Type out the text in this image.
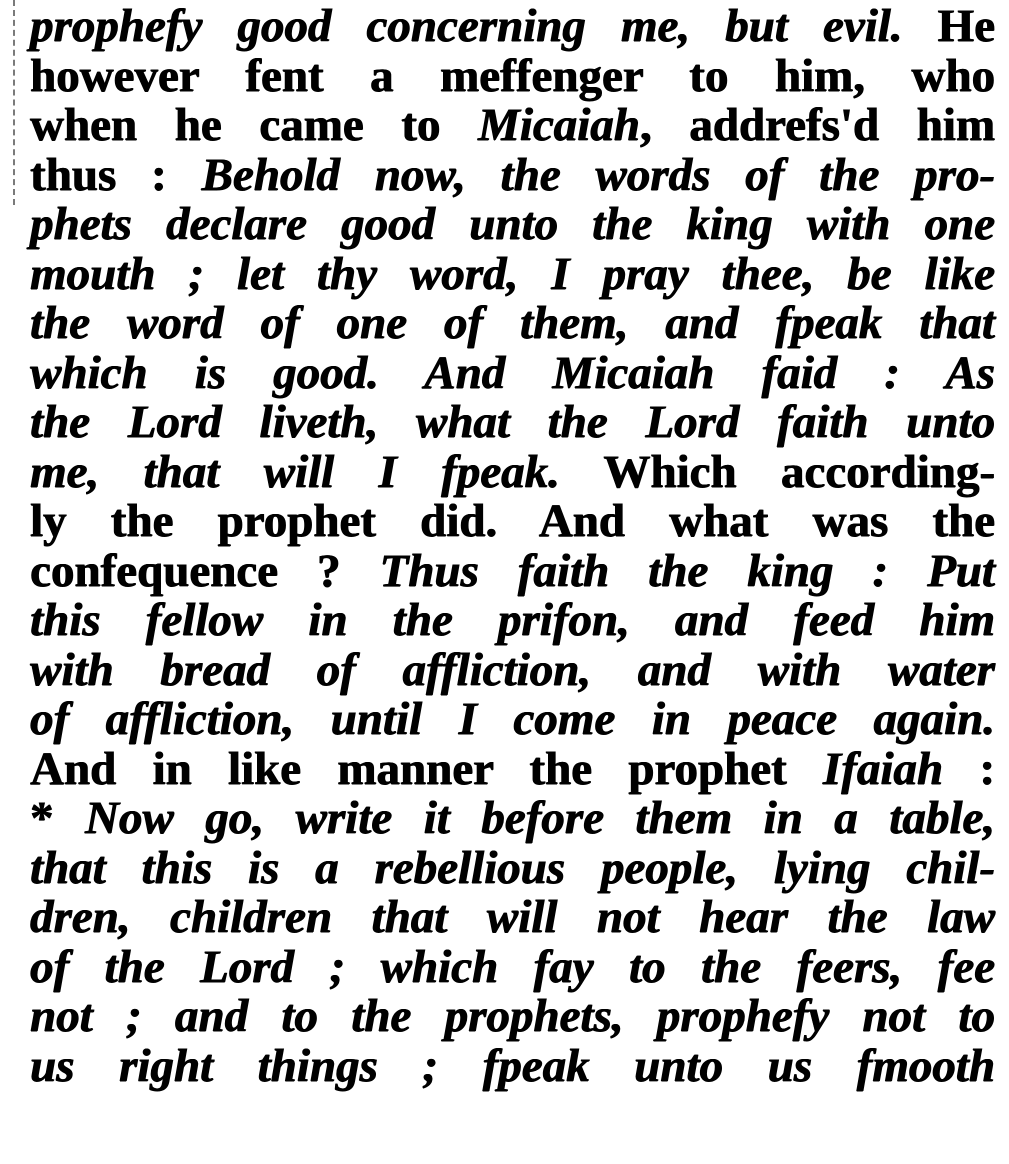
prophefy good concerning me, but evil. He
however fent a meffenger to him, who
when he came to Micaiah, addrefs'd him
thus : Behold now, the words of the pro-
phets declare good unto the king with one
mouth ; let thy word, I pray thee, be like
the word of one of them, and fpeak that
which is good. And Micaiah faid : As
the Lord liveth, what the Lord faith unto
me, that will I fpeak. Which according-
ly the prophet did. And what was the
confequence ? Thus faith the king : Put
this fellow in the prifon, and feed him
with bread of affliction, and with water
of affliction, until I come in peace again.
And in like manner the prophet Ifaiah :
* Now go, write it before them in a table,
that this is a rebellious people, lying chil-
dren, children that will not hear the law
of the Lord ; which fay to the feers, fee
not ; and to the prophets, prophefy not to
us right things ; fpeak unto us fmooth
